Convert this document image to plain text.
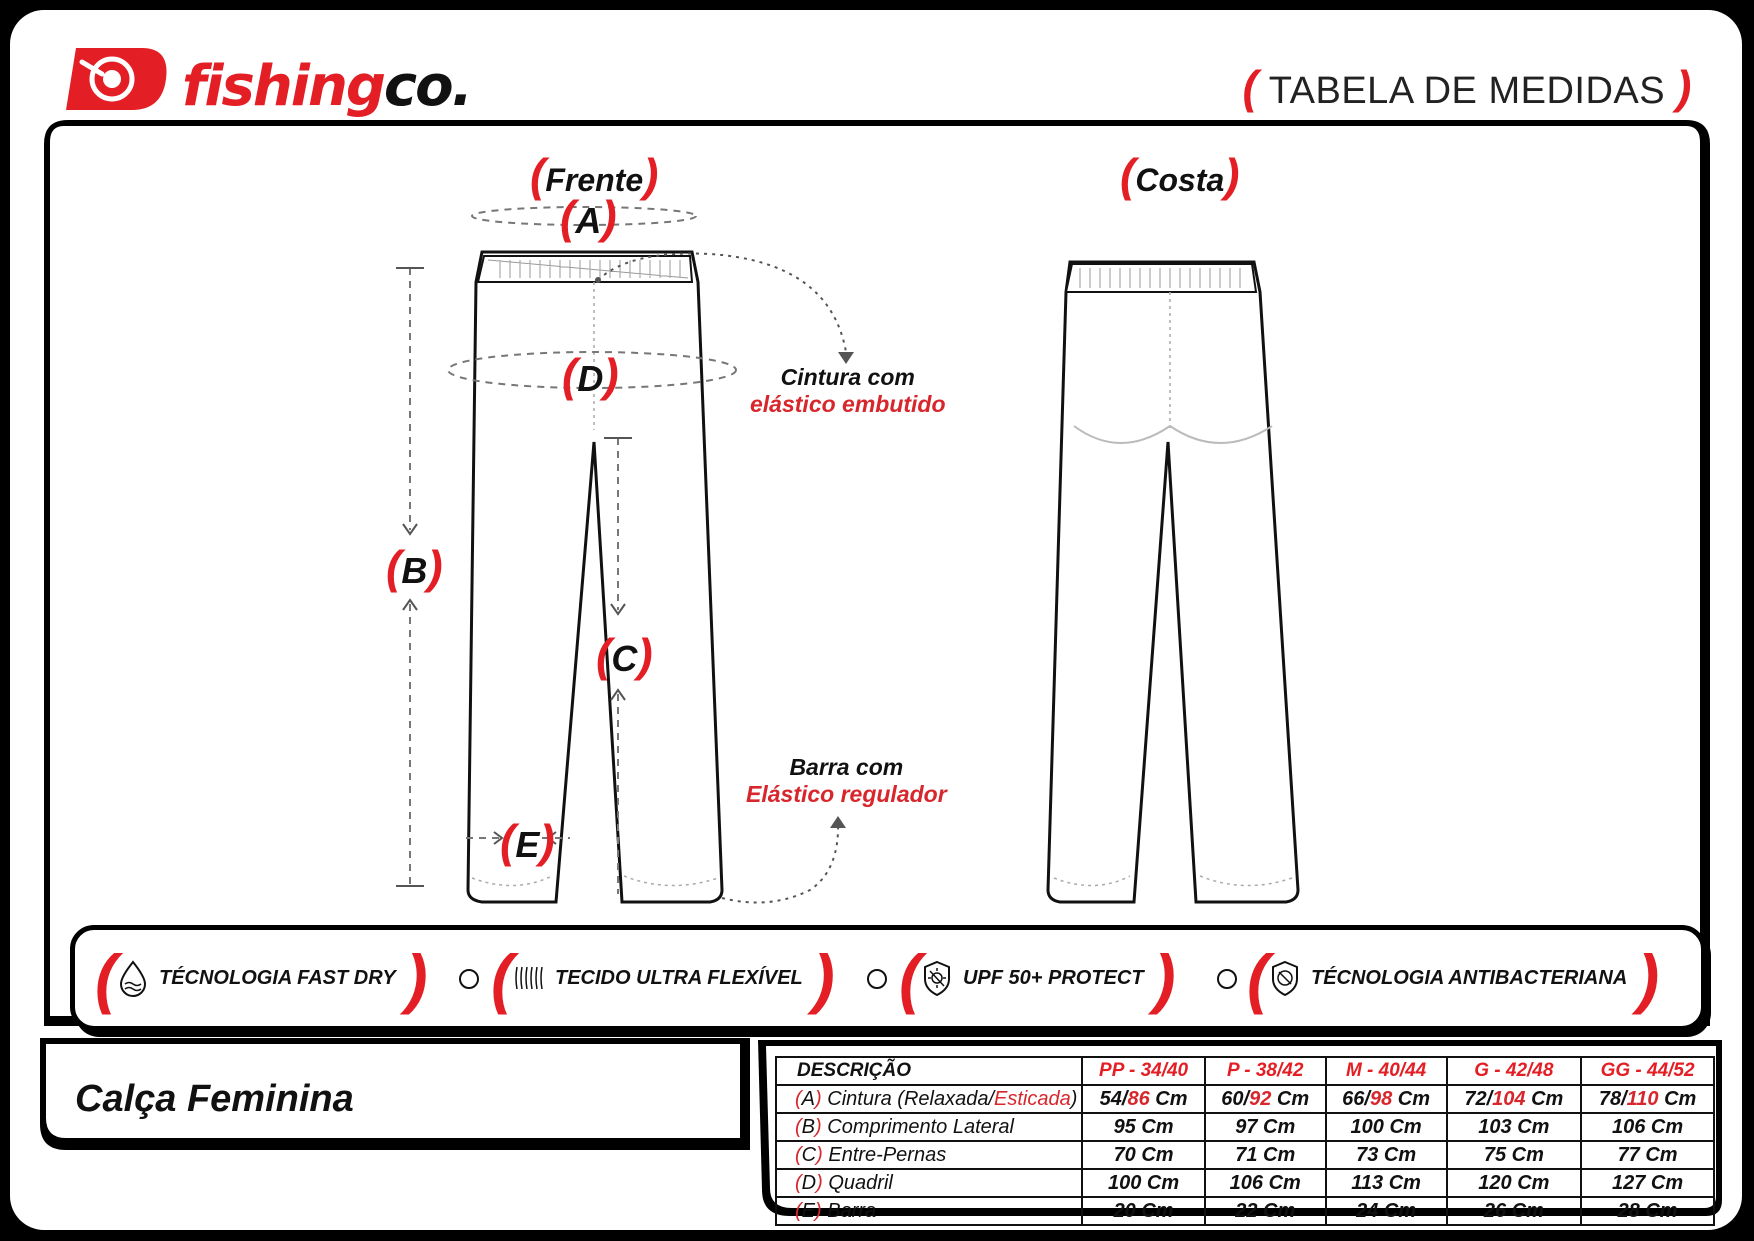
fishingco.	( TABELA DE MEDIDAS )
(Frente)	(Costa)
(A)
(D)
(B)
(C)
(E)
Cintura com
elástico embutido
Barra com
Elástico regulador
( TÉCNOLOGIA FAST DRY ) ( TECIDO ULTRA FLEXÍVEL ) ( UPF 50+ PROTECT ) ( TÉCNOLOGIA ANTIBACTERIANA )
Calça Feminina
DESCRIÇÃO	PP - 34/40	P - 38/42	M - 40/44	G - 42/48	GG - 44/52
(A) Cintura (Relaxada/Esticada)	54/86 Cm	60/92 Cm	66/98 Cm	72/104 Cm	78/110 Cm
(B) Comprimento Lateral	95 Cm	97 Cm	100 Cm	103 Cm	106 Cm
(C) Entre-Pernas	70 Cm	71 Cm	73 Cm	75 Cm	77 Cm
(D) Quadril	100 Cm	106 Cm	113 Cm	120 Cm	127 Cm
(E) Barra	20 Cm	22 Cm	24 Cm	26 Cm	28 Cm
